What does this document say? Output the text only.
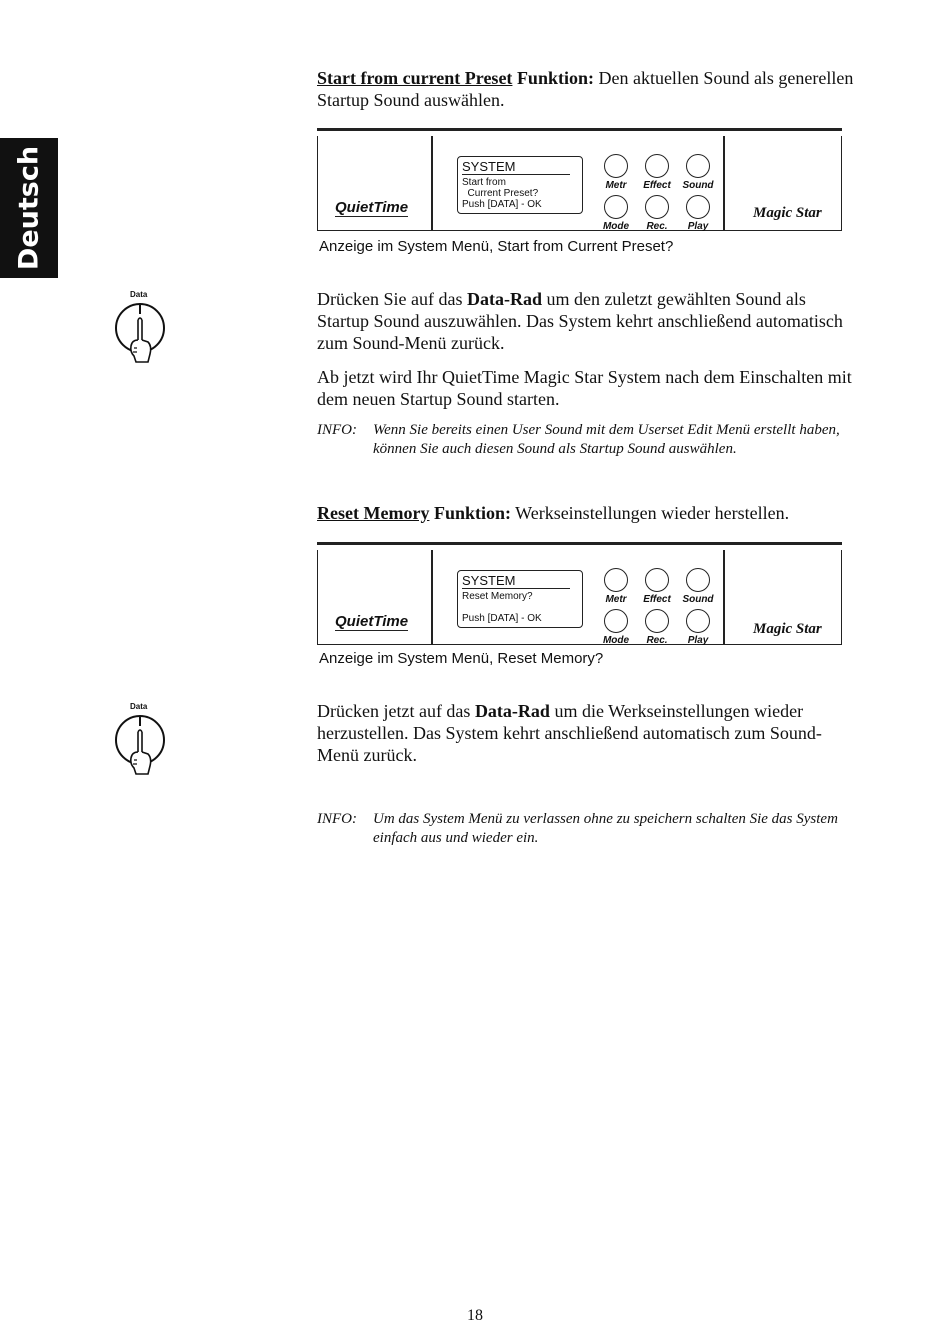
Deutsch
Start from current Preset Funktion: Den aktuellen Sound als generellen Startup Sound auswählen.
QuietTime
SYSTEM
Start from
Current Preset?
Push [DATA] - OK
Metr	Effect	Sound
Mode	Rec.	Play
Magic Star
Anzeige im System Menü, Start from Current Preset?
Data	Drücken Sie auf das Data-Rad um den zuletzt gewählten Sound als Startup Sound auszuwählen. Das System kehrt anschließend automatisch zum Sound-Menü zurück.
Ab jetzt wird Ihr QuietTime Magic Star System nach dem Einschalten mit dem neuen Startup Sound starten.
INFO: Wenn Sie bereits einen User Sound mit dem Userset Edit Menü erstellt haben, können Sie auch diesen Sound als Startup Sound auswählen.
Reset Memory Funktion: Werkseinstellungen wieder herstellen.
QuietTime
SYSTEM
Reset Memory?
Push [DATA] - OK
Metr	Effect	Sound
Mode	Rec.	Play
Magic Star
Anzeige im System Menü, Reset Memory?
Data	Drücken jetzt auf das Data-Rad um die Werkseinstellungen wieder herzustellen. Das System kehrt anschließend automatisch zum Sound-Menü zurück.
INFO: Um das System Menü zu verlassen ohne zu speichern schalten Sie das System einfach aus und wieder ein.
18
